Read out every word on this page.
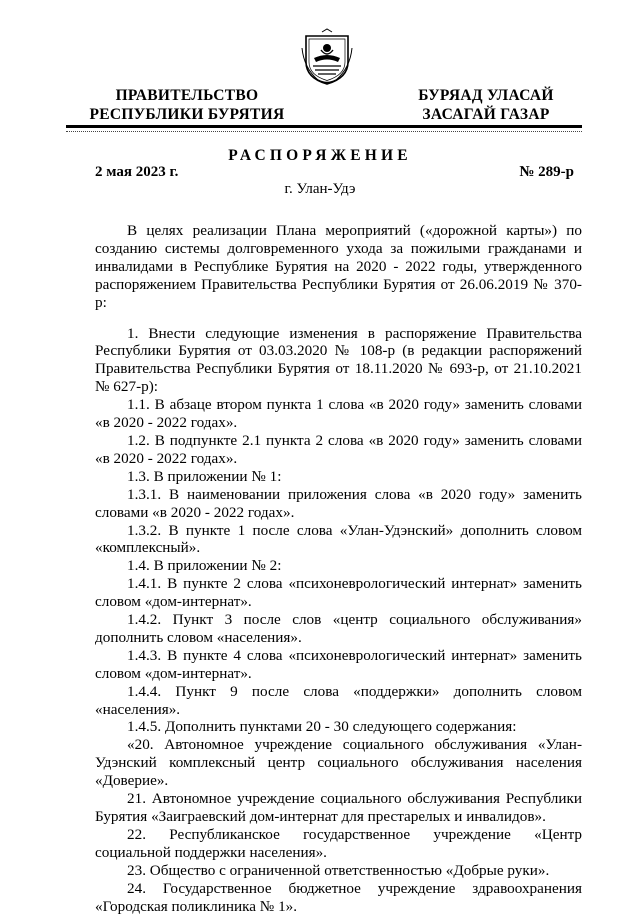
ПРАВИТЕЛЬСТВО
РЕСПУБЛИКИ БУРЯТИЯ
БУРЯАД УЛАСАЙ
ЗАСАГАЙ ГАЗАР
РАСПОРЯЖЕНИЕ
2 мая 2023 г.	№ 289-р
г. Улан-Удэ

В целях реализации Плана мероприятий («дорожной карты») по созданию системы долговременного ухода за пожилыми гражданами и инвалидами в Республике Бурятия на 2020 - 2022 годы, утвержденного распоряжением Правительства Республики Бурятия от 26.06.2019 № 370-р:

1. Внести следующие изменения в распоряжение Правительства Республики Бурятия от 03.03.2020 № 108-р (в редакции распоряжений Правительства Республики Бурятия от 18.11.2020 № 693-р, от 21.10.2021 № 627-р):

1.1. В абзаце втором пункта 1 слова «в 2020 году» заменить словами «в 2020 - 2022 годах».

1.2. В подпункте 2.1 пункта 2 слова «в 2020 году» заменить словами «в 2020 - 2022 годах».

1.3. В приложении № 1:

1.3.1. В наименовании приложения слова «в 2020 году» заменить словами «в 2020 - 2022 годах».

1.3.2. В пункте 1 после слова «Улан-Удэнский» дополнить словом «комплексный».

1.4. В приложении № 2:

1.4.1. В пункте 2 слова «психоневрологический интернат» заменить словом «дом-интернат».

1.4.2. Пункт 3 после слов «центр социального обслуживания» дополнить словом «населения».

1.4.3. В пункте 4 слова «психоневрологический интернат» заменить словом «дом-интернат».

1.4.4. Пункт 9 после слова «поддержки» дополнить словом «населения».

1.4.5. Дополнить пунктами 20 - 30 следующего содержания:

«20. Автономное учреждение социального обслуживания «Улан-Удэнский комплексный центр социального обслуживания населения «Доверие».

21. Автономное учреждение социального обслуживания Республики Бурятия «Заиграевский дом-интернат для престарелых и инвалидов».

22. Республиканское государственное учреждение «Центр социальной поддержки населения».

23. Общество с ограниченной ответственностью «Добрые руки».

24. Государственное бюджетное учреждение здравоохранения «Городская поликлиника № 1».
